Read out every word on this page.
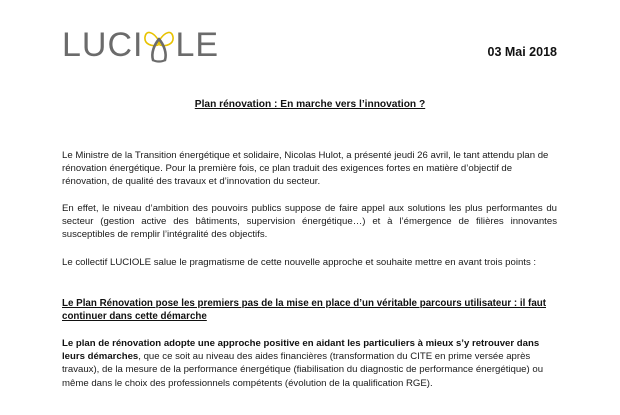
LUCI LE	03 Mai 2018
Plan rénovation : En marche vers l’innovation ?

Le Ministre de la Transition énergétique et solidaire, Nicolas Hulot, a présenté jeudi 26 avril, le tant attendu plan de rénovation énergétique. Pour la première fois, ce plan traduit des exigences fortes en matière d’objectif de rénovation, de qualité des travaux et d’innovation du secteur.

En effet, le niveau d’ambition des pouvoirs publics suppose de faire appel aux solutions les plus performantes du secteur (gestion active des bâtiments, supervision énergétique…) et à l’émergence de filières innovantes susceptibles de remplir l’intégralité des objectifs.

Le collectif LUCIOLE salue le pragmatisme de cette nouvelle approche et souhaite mettre en avant trois points :

Le Plan Rénovation pose les premiers pas de la mise en place d’un véritable parcours utilisateur : il faut continuer dans cette démarche

Le plan de rénovation adopte une approche positive en aidant les particuliers à mieux s’y retrouver dans leurs démarches, que ce soit au niveau des aides financières (transformation du CITE en prime versée après travaux), de la mesure de la performance énergétique (fiabilisation du diagnostic de performance énergétique) ou même dans le choix des professionnels compétents (évolution de la qualification RGE).
